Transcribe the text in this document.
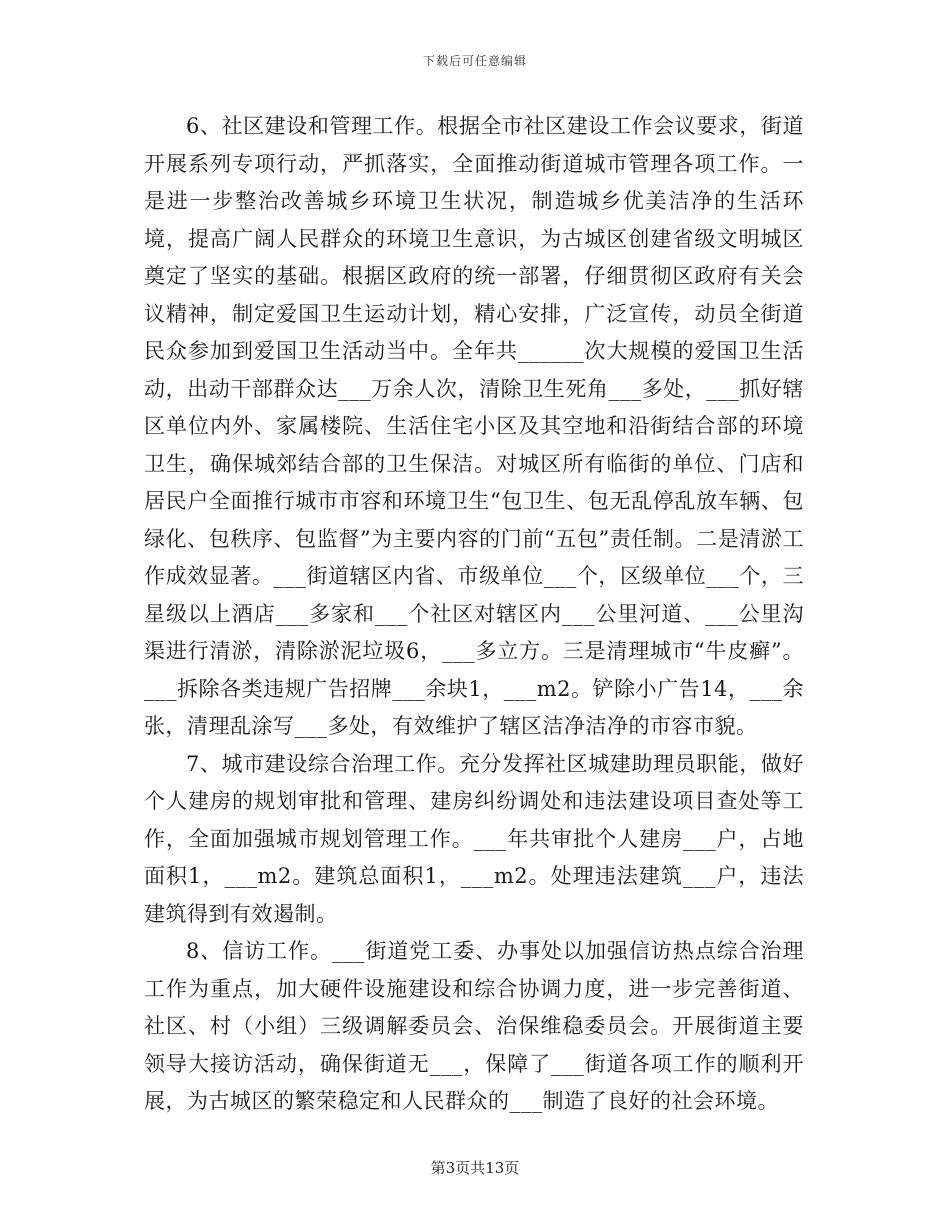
下载后可任意编辑

6、社区建设和管理工作。根据全市社区建设工作会议要求，街道开展系列专项行动，严抓落实，全面推动街道城市管理各项工作。一是进一步整治改善城乡环境卫生状况，制造城乡优美洁净的生活环境，提高广阔人民群众的环境卫生意识，为古城区创建省级文明城区奠定了坚实的基础。根据区政府的统一部署，仔细贯彻区政府有关会议精神，制定爱国卫生运动计划，精心安排，广泛宣传，动员全街道民众参加到爱国卫生活动当中。全年共______次大规模的爱国卫生活动，出动干部群众达___万余人次，清除卫生死角___多处，___抓好辖区单位内外、家属楼院、生活住宅小区及其空地和沿街结合部的环境卫生，确保城郊结合部的卫生保洁。对城区所有临街的单位、门店和居民户全面推行城市市容和环境卫生“包卫生、包无乱停乱放车辆、包绿化、包秩序、包监督”为主要内容的门前“五包”责任制。二是清淤工作成效显著。___街道辖区内省、市级单位___个，区级单位___个，三星级以上酒店___多家和___个社区对辖区内___公里河道、___公里沟渠进行清淤，清除淤泥垃圾6，___多立方。三是清理城市“牛皮癣”。___拆除各类违规广告招牌___余块1，___m2。铲除小广告14，___余张，清理乱涂写___多处，有效维护了辖区洁净洁净的市容市貌。

7、城市建设综合治理工作。充分发挥社区城建助理员职能，做好个人建房的规划审批和管理、建房纠纷调处和违法建设项目查处等工作，全面加强城市规划管理工作。___年共审批个人建房___户，占地面积1，___m2。建筑总面积1，___m2。处理违法建筑___户，违法建筑得到有效遏制。

8、信访工作。___街道党工委、办事处以加强信访热点综合治理工作为重点，加大硬件设施建设和综合协调力度，进一步完善街道、社区、村（小组）三级调解委员会、治保维稳委员会。开展街道主要领导大接访活动，确保街道无___，保障了___街道各项工作的顺利开展，为古城区的繁荣稳定和人民群众的___制造了良好的社会环境。

第3页共13页
